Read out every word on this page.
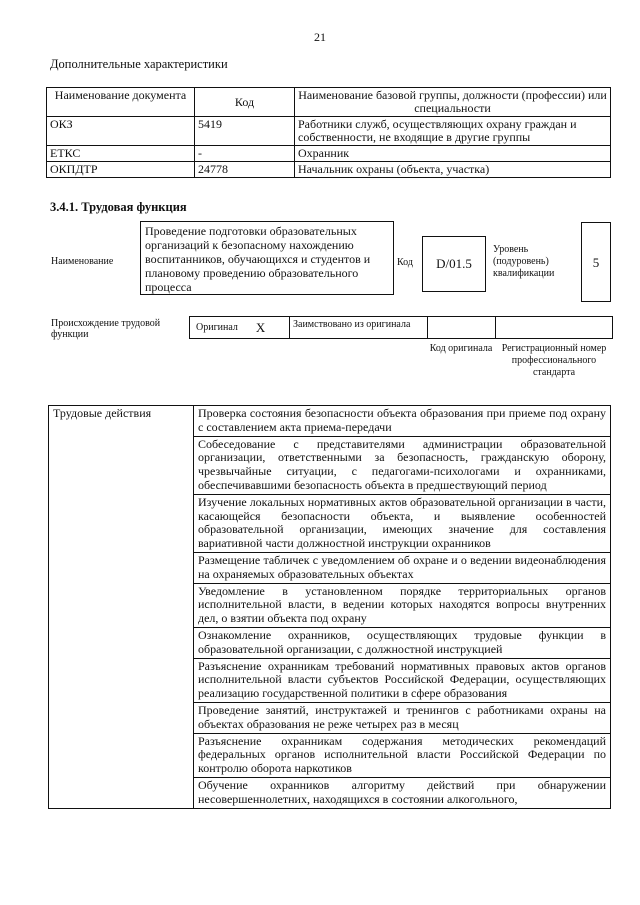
21
Дополнительные характеристики
Наименование документа	Код	Наименование базовой группы, должности (профессии) или специальности
ОКЗ	5419	Работники служб, осуществляющих охрану граждан и собственности, не входящие в другие группы
ЕТКС	-	Охранник
ОКПДТР	24778	Начальник охраны (объекта, участка)
3.4.1. Трудовая функция
Наименование
Проведение подготовки образовательных организаций к безопасному нахождению воспитанников, обучающихся и студентов и плановому проведению образовательного процесса
Код	D/01.5
Уровень (подуровень) квалификации
5
Происхождение трудовой функции
Оригинал X	Заимствовано из оригинала
Код оригинала Регистрационный номер профессионального стандарта
Трудовые действия	Проверка состояния безопасности объекта образования при приеме под охрану с составлением акта приема-передачи
Собеседование с представителями администрации образовательной организации, ответственными за безопасность, гражданскую оборону, чрезвычайные ситуации, с педагогами-психологами и охранниками, обеспечивавшими безопасность объекта в предшествующий период
Изучение локальных нормативных актов образовательной организации в части, касающейся безопасности объекта, и выявление особенностей образовательной организации, имеющих значение для составления вариативной части должностной инструкции охранников
Размещение табличек с уведомлением об охране и о ведении видеонаблюдения на охраняемых образовательных объектах
Уведомление в установленном порядке территориальных органов исполнительной власти, в ведении которых находятся вопросы внутренних дел, о взятии объекта под охрану
Ознакомление охранников, осуществляющих трудовые функции в образовательной организации, с должностной инструкцией
Разъяснение охранникам требований нормативных правовых актов органов исполнительной власти субъектов Российской Федерации, осуществляющих реализацию государственной политики в сфере образования
Проведение занятий, инструктажей и тренингов с работниками охраны на объектах образования не реже четырех раз в месяц
Разъяснение охранникам содержания методических рекомендаций федеральных органов исполнительной власти Российской Федерации по контролю оборота наркотиков
Обучение охранников алгоритму действий при обнаружении несовершеннолетних, находящихся в состоянии алкогольного,
